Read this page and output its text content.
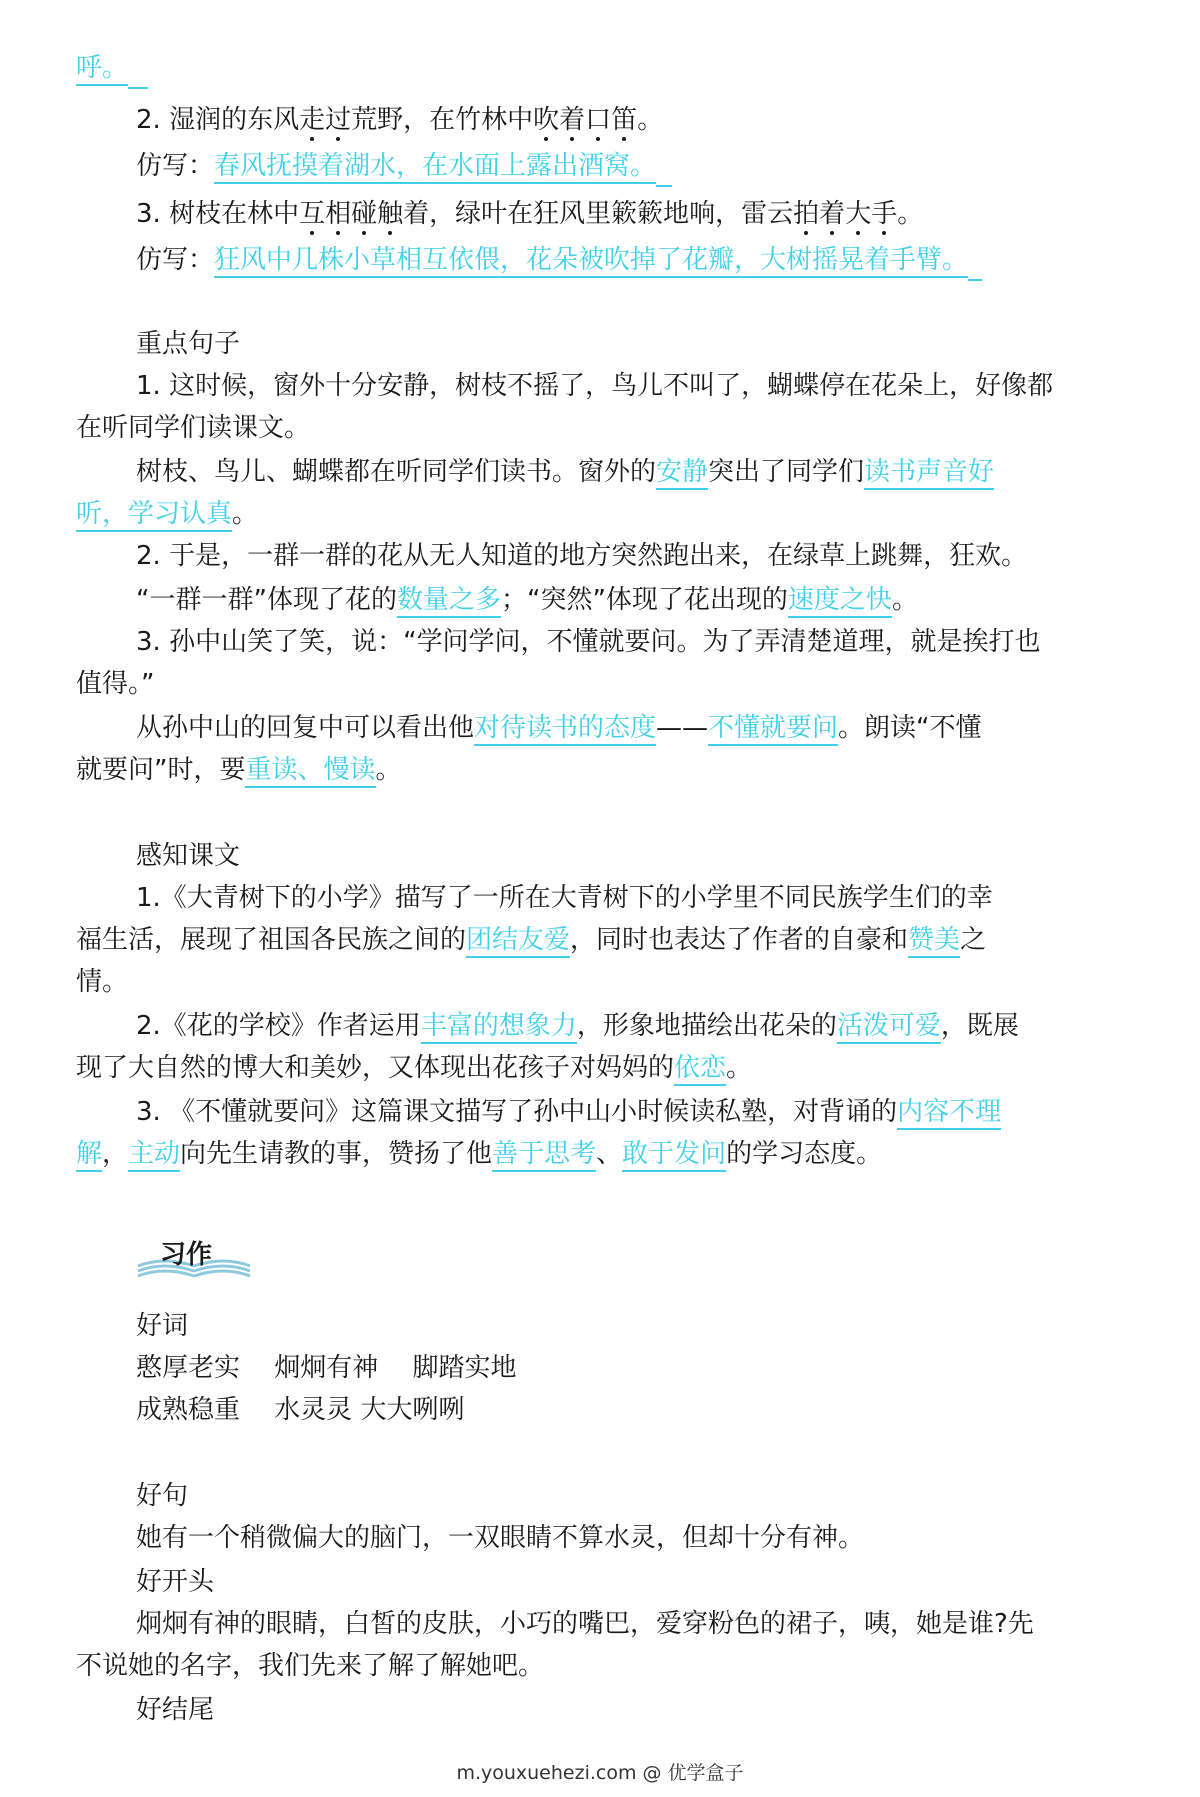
呼。
2. 湿润的东风走过荒野，在竹林中吹着口笛。
仿写：春风抚摸着湖水，在水面上露出酒窝。
3. 树枝在林中互相碰触着，绿叶在狂风里簌簌地响，雷云拍着大手。
仿写：狂风中几株小草相互依偎，花朵被吹掉了花瓣，大树摇晃着手臂。
重点句子
1. 这时候，窗外十分安静，树枝不摇了，鸟儿不叫了，蝴蝶停在花朵上，好像都
在听同学们读课文。
树枝、鸟儿、蝴蝶都在听同学们读书。窗外的安静突出了同学们读书声音好
听，学习认真。
2. 于是，一群一群的花从无人知道的地方突然跑出来，在绿草上跳舞，狂欢。
“一群一群”体现了花的数量之多；“突然”体现了花出现的速度之快。
3. 孙中山笑了笑，说：“学问学问，不懂就要问。为了弄清楚道理，就是挨打也
值得。”
从孙中山的回复中可以看出他对待读书的态度——不懂就要问。朗读“不懂
就要问”时，要重读、慢读。
感知课文
1.《大青树下的小学》描写了一所在大青树下的小学里不同民族学生们的幸
福生活，展现了祖国各民族之间的团结友爱，同时也表达了作者的自豪和赞美之
情。
2.《花的学校》作者运用丰富的想象力，形象地描绘出花朵的活泼可爱，既展
现了大自然的博大和美妙，又体现出花孩子对妈妈的依恋。
3. 《不懂就要问》这篇课文描写了孙中山小时候读私塾，对背诵的内容不理
解，主动向先生请教的事，赞扬了他善于思考、敢于发问的学习态度。
习作
好词
憨厚老实　 炯炯有神　 脚踏实地
成熟稳重　 水灵灵 大大咧咧
好句
她有一个稍微偏大的脑门，一双眼睛不算水灵，但却十分有神。
好开头
炯炯有神的眼睛，白皙的皮肤，小巧的嘴巴，爱穿粉色的裙子，咦，她是谁?先
不说她的名字，我们先来了解了解她吧。
好结尾
m.youxuehezi.com @ 优学盒子
